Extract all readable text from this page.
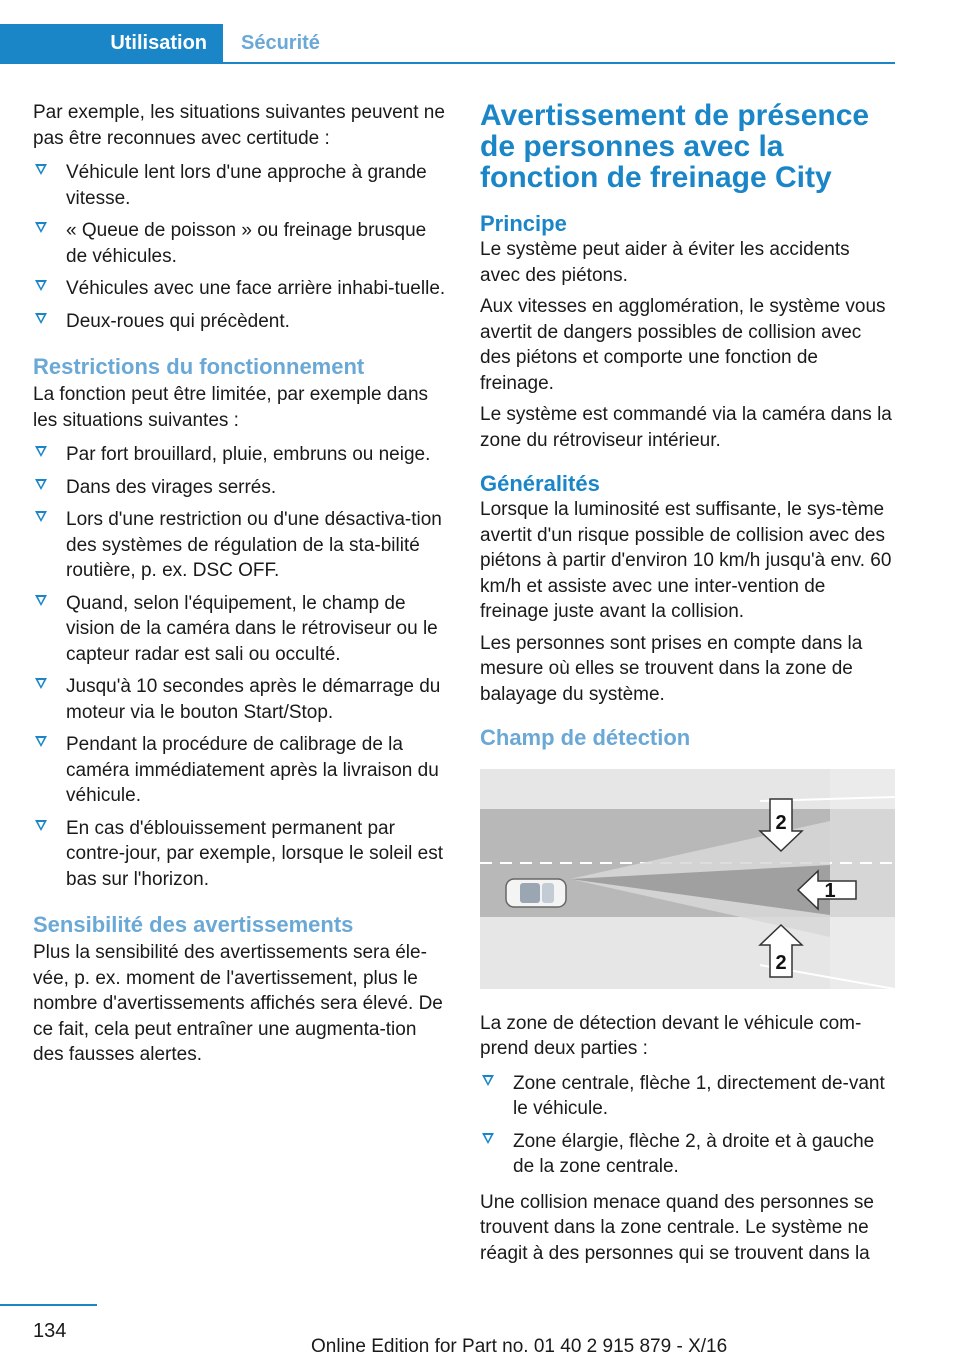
Utilisation	Sécurité

Par exemple, les situations suivantes peuvent ne pas être reconnues avec certitude :

Véhicule lent lors d'une approche à grande vitesse.
« Queue de poisson » ou freinage brusque de véhicules.
Véhicules avec une face arrière inhabi-tuelle.
Deux-roues qui précèdent.
Restrictions du fonctionnement

La fonction peut être limitée, par exemple dans les situations suivantes :

Par fort brouillard, pluie, embruns ou neige.
Dans des virages serrés.
Lors d'une restriction ou d'une désactiva-tion des systèmes de régulation de la sta-bilité routière, p. ex. DSC OFF.
Quand, selon l'équipement, le champ de vision de la caméra dans le rétroviseur ou le capteur radar est sali ou occulté.
Jusqu'à 10 secondes après le démarrage du moteur via le bouton Start/Stop.
Pendant la procédure de calibrage de la caméra immédiatement après la livraison du véhicule.
En cas d'éblouissement permanent par contre-jour, par exemple, lorsque le soleil est bas sur l'horizon.
Sensibilité des avertissements

Plus la sensibilité des avertissements sera éle-vée, p. ex. moment de l'avertissement, plus le nombre d'avertissements affichés sera élevé. De ce fait, cela peut entraîner une augmenta-tion des fausses alertes.

Avertissement de présence de personnes avec la fonction de freinage City
Principe

Le système peut aider à éviter les accidents avec des piétons.

Aux vitesses en agglomération, le système vous avertit de dangers possibles de collision avec des piétons et comporte une fonction de freinage.

Le système est commandé via la caméra dans la zone du rétroviseur intérieur.

Généralités

Lorsque la luminosité est suffisante, le sys-tème avertit d'un risque possible de collision avec des piétons à partir d'environ 10 km/h jusqu'à env. 60 km/h et assiste avec une inter-vention de freinage juste avant la collision.

Les personnes sont prises en compte dans la mesure où elles se trouvent dans la zone de balayage du système.

Champ de détection
2
1
2

La zone de détection devant le véhicule com-prend deux parties :

Zone centrale, flèche 1, directement de-vant le véhicule.
Zone élargie, flèche 2, à droite et à gauche de la zone centrale.

Une collision menace quand des personnes se trouvent dans la zone centrale. Le système ne réagit à des personnes qui se trouvent dans la

134
Online Edition for Part no. 01 40 2 915 879 - X/16
